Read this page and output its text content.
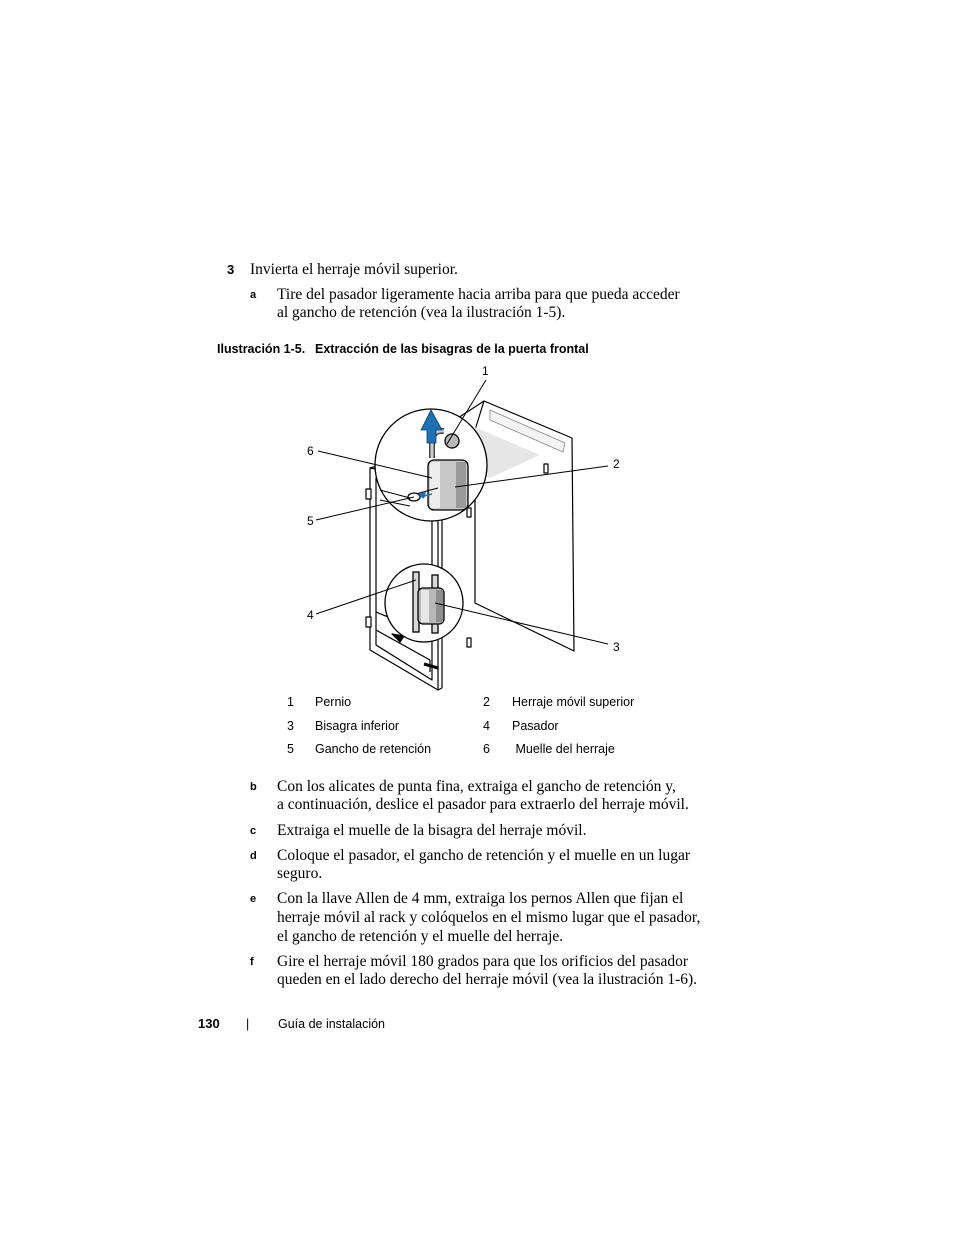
3 Invierta el herraje móvil superior.
a Tire del pasador ligeramente hacia arriba para que pueda acceder
al gancho de retención (vea la ilustración 1-5).
Ilustración 1-5. Extracción de las bisagras de la puerta frontal
1
2
3
4
5
6
1 Pernio	2 Herraje móvil superior
3 Bisagra inferior	4 Pasador
5 Gancho de retención	6 Muelle del herraje
b Con los alicates de punta fina, extraiga el gancho de retención y,
a continuación, deslice el pasador para extraerlo del herraje móvil.
c Extraiga el muelle de la bisagra del herraje móvil.
d Coloque el pasador, el gancho de retención y el muelle en un lugar
seguro.
e Con la llave Allen de 4 mm, extraiga los pernos Allen que fijan el
herraje móvil al rack y colóquelos en el mismo lugar que el pasador,
el gancho de retención y el muelle del herraje.
f Gire el herraje móvil 180 grados para que los orificios del pasador
queden en el lado derecho del herraje móvil (vea la ilustración 1-6).
130 | Guía de instalación
